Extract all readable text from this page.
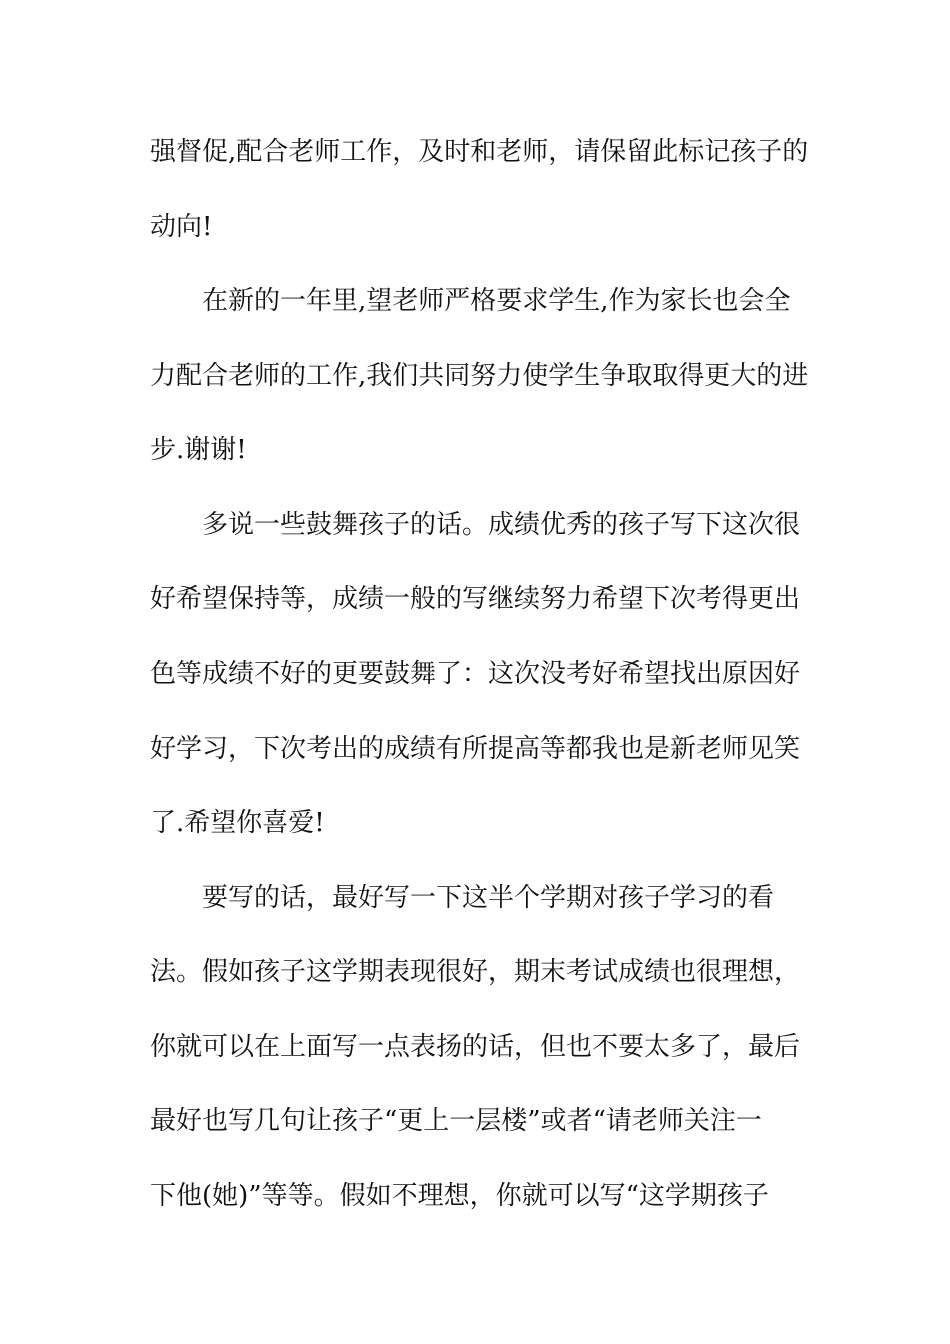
强督促,配合老师工作，及时和老师，请保留此标记孩子的
动向!
在新的一年里,望老师严格要求学生,作为家长也会全
力配合老师的工作,我们共同努力使学生争取取得更大的进
步.谢谢!
多说一些鼓舞孩子的话。成绩优秀的孩子写下这次很
好希望保持等，成绩一般的写继续努力希望下次考得更出
色等成绩不好的更要鼓舞了：这次没考好希望找出原因好
好学习，下次考出的成绩有所提高等都我也是新老师见笑
了.希望你喜爱!
要写的话，最好写一下这半个学期对孩子学习的看
法。假如孩子这学期表现很好，期末考试成绩也很理想，
你就可以在上面写一点表扬的话，但也不要太多了，最后
最好也写几句让孩子“更上一层楼”或者“请老师关注一
下他(她)”等等。假如不理想，你就可以写“这学期孩子
